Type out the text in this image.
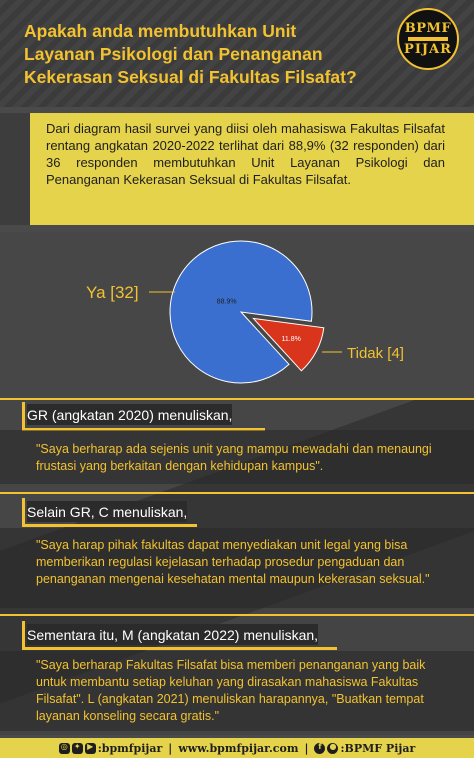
Apakah anda membutuhkan Unit
Layanan Psikologi dan Penanganan
Kekerasan Seksual di Fakultas Filsafat?
BPMF
PIJAR

Dari diagram hasil survei yang diisi oleh mahasiswa Fakultas Filsafat rentang angkatan 2020-2022 terlihat dari 88,9% (32 responden) dari 36 responden membutuhkan Unit Layanan Psikologi dan Penanganan Kekerasan Seksual di Fakultas Filsafat.

88.9%
11.8%
Ya [32]
Tidak [4]
GR (angkatan 2020) menuliskan,

"Saya berharap ada sejenis unit yang mampu mewadahi dan menaungi frustasi yang berkaitan dengan kehidupan kampus".

Selain GR, C menuliskan,

"Saya harap pihak fakultas dapat menyediakan unit legal yang bisa memberikan regulasi kejelasan terhadap prosedur pengaduan dan penanganan mengenai kesehatan mental maupun kekerasan seksual."

Sementara itu, M (angkatan 2022) menuliskan,

"Saya berharap Fakultas Filsafat bisa memberi penanganan yang baik untuk membantu setiap keluhan yang dirasakan mahasiswa Fakultas Filsafat". L (angkatan 2021) menuliskan harapannya, "Buatkan tempat layanan konseling secara gratis."

◎ ✦ ▶ :bpmfpijar | www.bpmfpijar.com |	f ● :BPMF Pijar
